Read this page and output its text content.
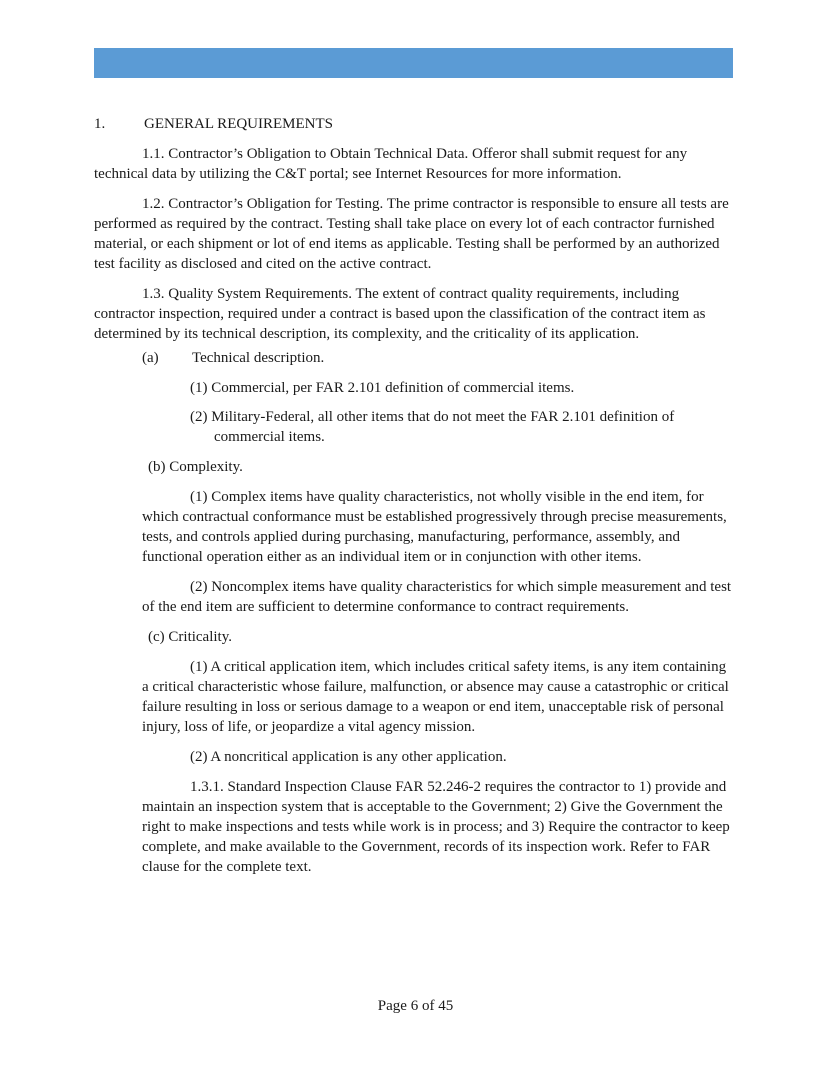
1.	GENERAL REQUIREMENTS

1.1. Contractor’s Obligation to Obtain Technical Data. Offeror shall submit request for any technical data by utilizing the C&T portal; see Internet Resources for more information.

1.2. Contractor’s Obligation for Testing. The prime contractor is responsible to ensure all tests are performed as required by the contract. Testing shall take place on every lot of each contractor furnished material, or each shipment or lot of end items as applicable. Testing shall be performed by an authorized test facility as disclosed and cited on the active contract.

1.3. Quality System Requirements. The extent of contract quality requirements, including contractor inspection, required under a contract is based upon the classification of the contract item as determined by its technical description, its complexity, and the criticality of its application.

(a)	Technical description.

(1) Commercial, per FAR 2.101 definition of commercial items.

(2) Military-Federal, all other items that do not meet the FAR 2.101 definition of commercial items.

(b) Complexity.

(1) Complex items have quality characteristics, not wholly visible in the end item, for which contractual conformance must be established progressively through precise measurements, tests, and controls applied during purchasing, manufacturing, performance, assembly, and functional operation either as an individual item or in conjunction with other items.

(2) Noncomplex items have quality characteristics for which simple measurement and test of the end item are sufficient to determine conformance to contract requirements.

(c) Criticality.

(1) A critical application item, which includes critical safety items, is any item containing a critical characteristic whose failure, malfunction, or absence may cause a catastrophic or critical failure resulting in loss or serious damage to a weapon or end item, unacceptable risk of personal injury, loss of life, or jeopardize a vital agency mission.

(2) A noncritical application is any other application.

1.3.1. Standard Inspection Clause FAR 52.246-2 requires the contractor to 1) provide and maintain an inspection system that is acceptable to the Government; 2) Give the Government the right to make inspections and tests while work is in process; and 3) Require the contractor to keep complete, and make available to the Government, records of its inspection work. Refer to FAR clause for the complete text.

Page 6 of 45
